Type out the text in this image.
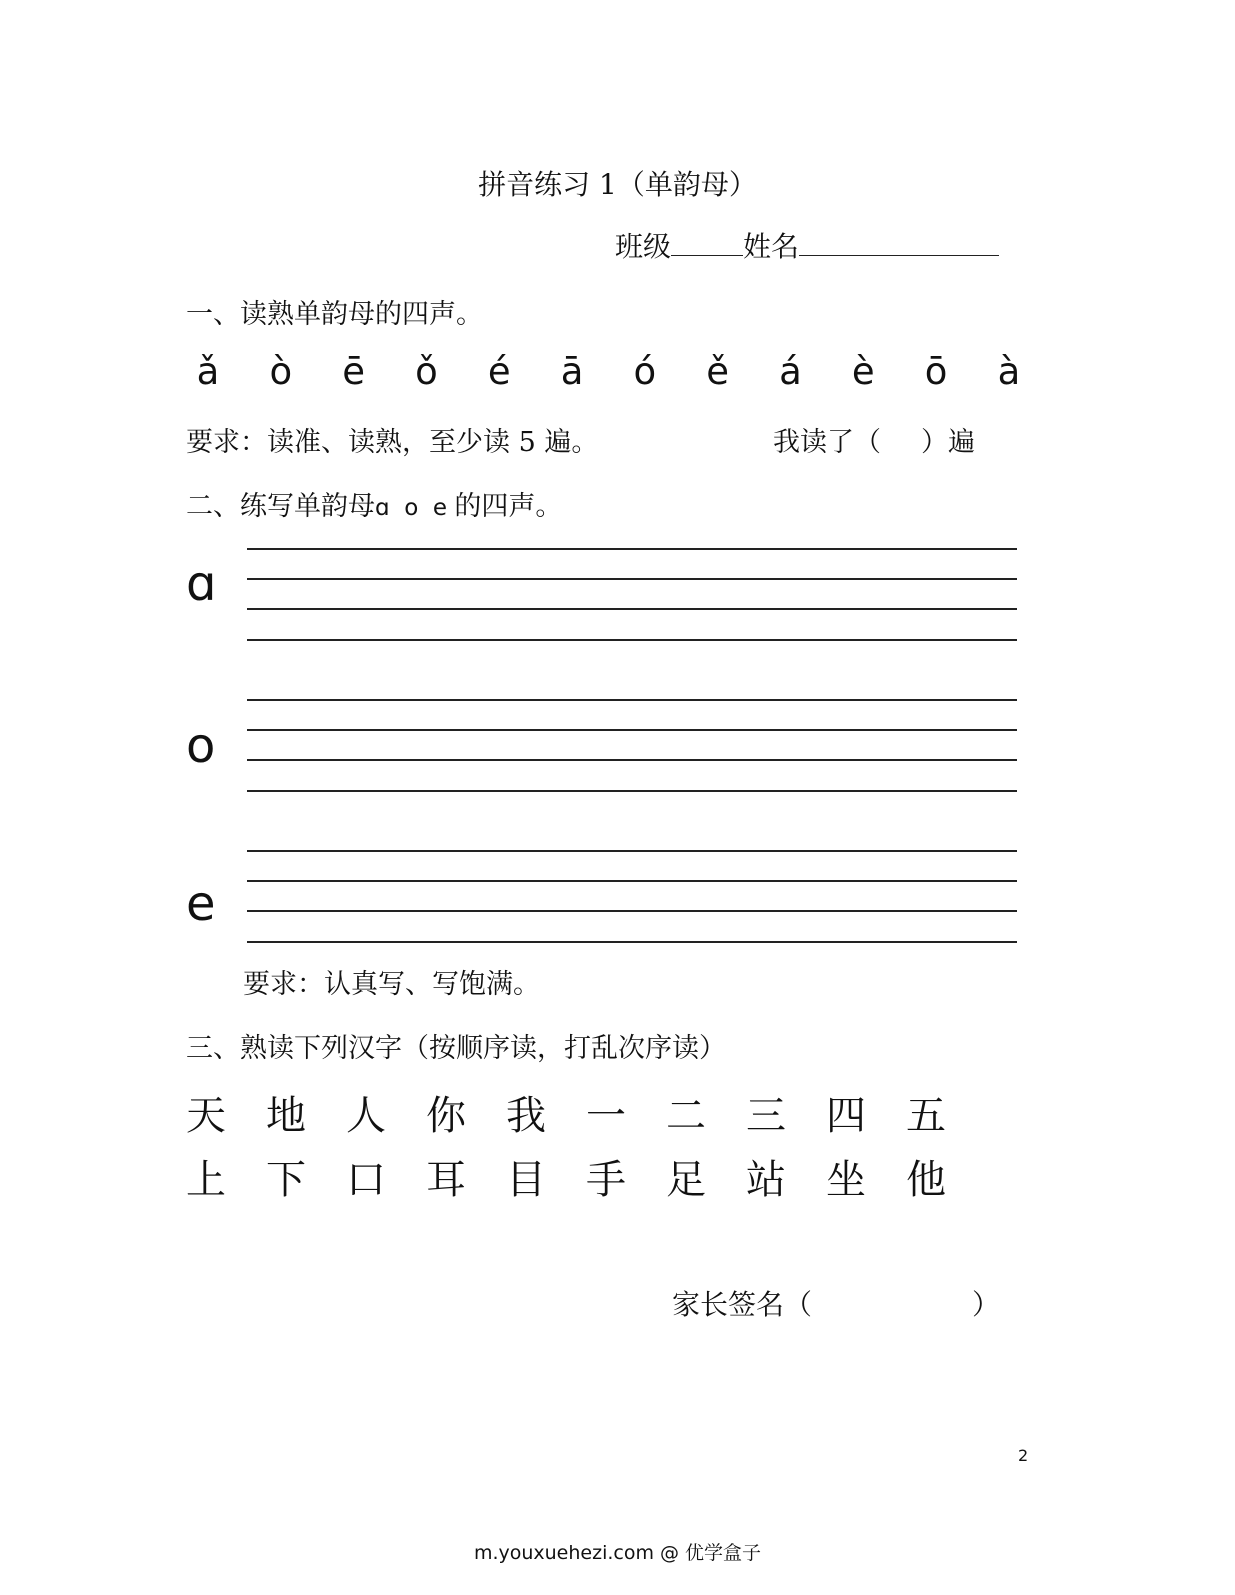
拼音练习 1（单韵母）
班级	姓名
一、读熟单韵母的四声。
ǎ ò ē ǒ é ā ó ě á è ō à
要求：读准、读熟，至少读 5 遍。	我读了（ ）遍
二、练写单韵母ɑ  o  e 的四声。
ɑ
o
e
要求：认真写、写饱满。
三、熟读下列汉字（按顺序读，打乱次序读）
天	地	人	你	我	一	二	三	四	五
上	下	口	耳	目	手	足	站	坐	他
家长签名（	）
2
m.youxuehezi.com @ 优学盒子
